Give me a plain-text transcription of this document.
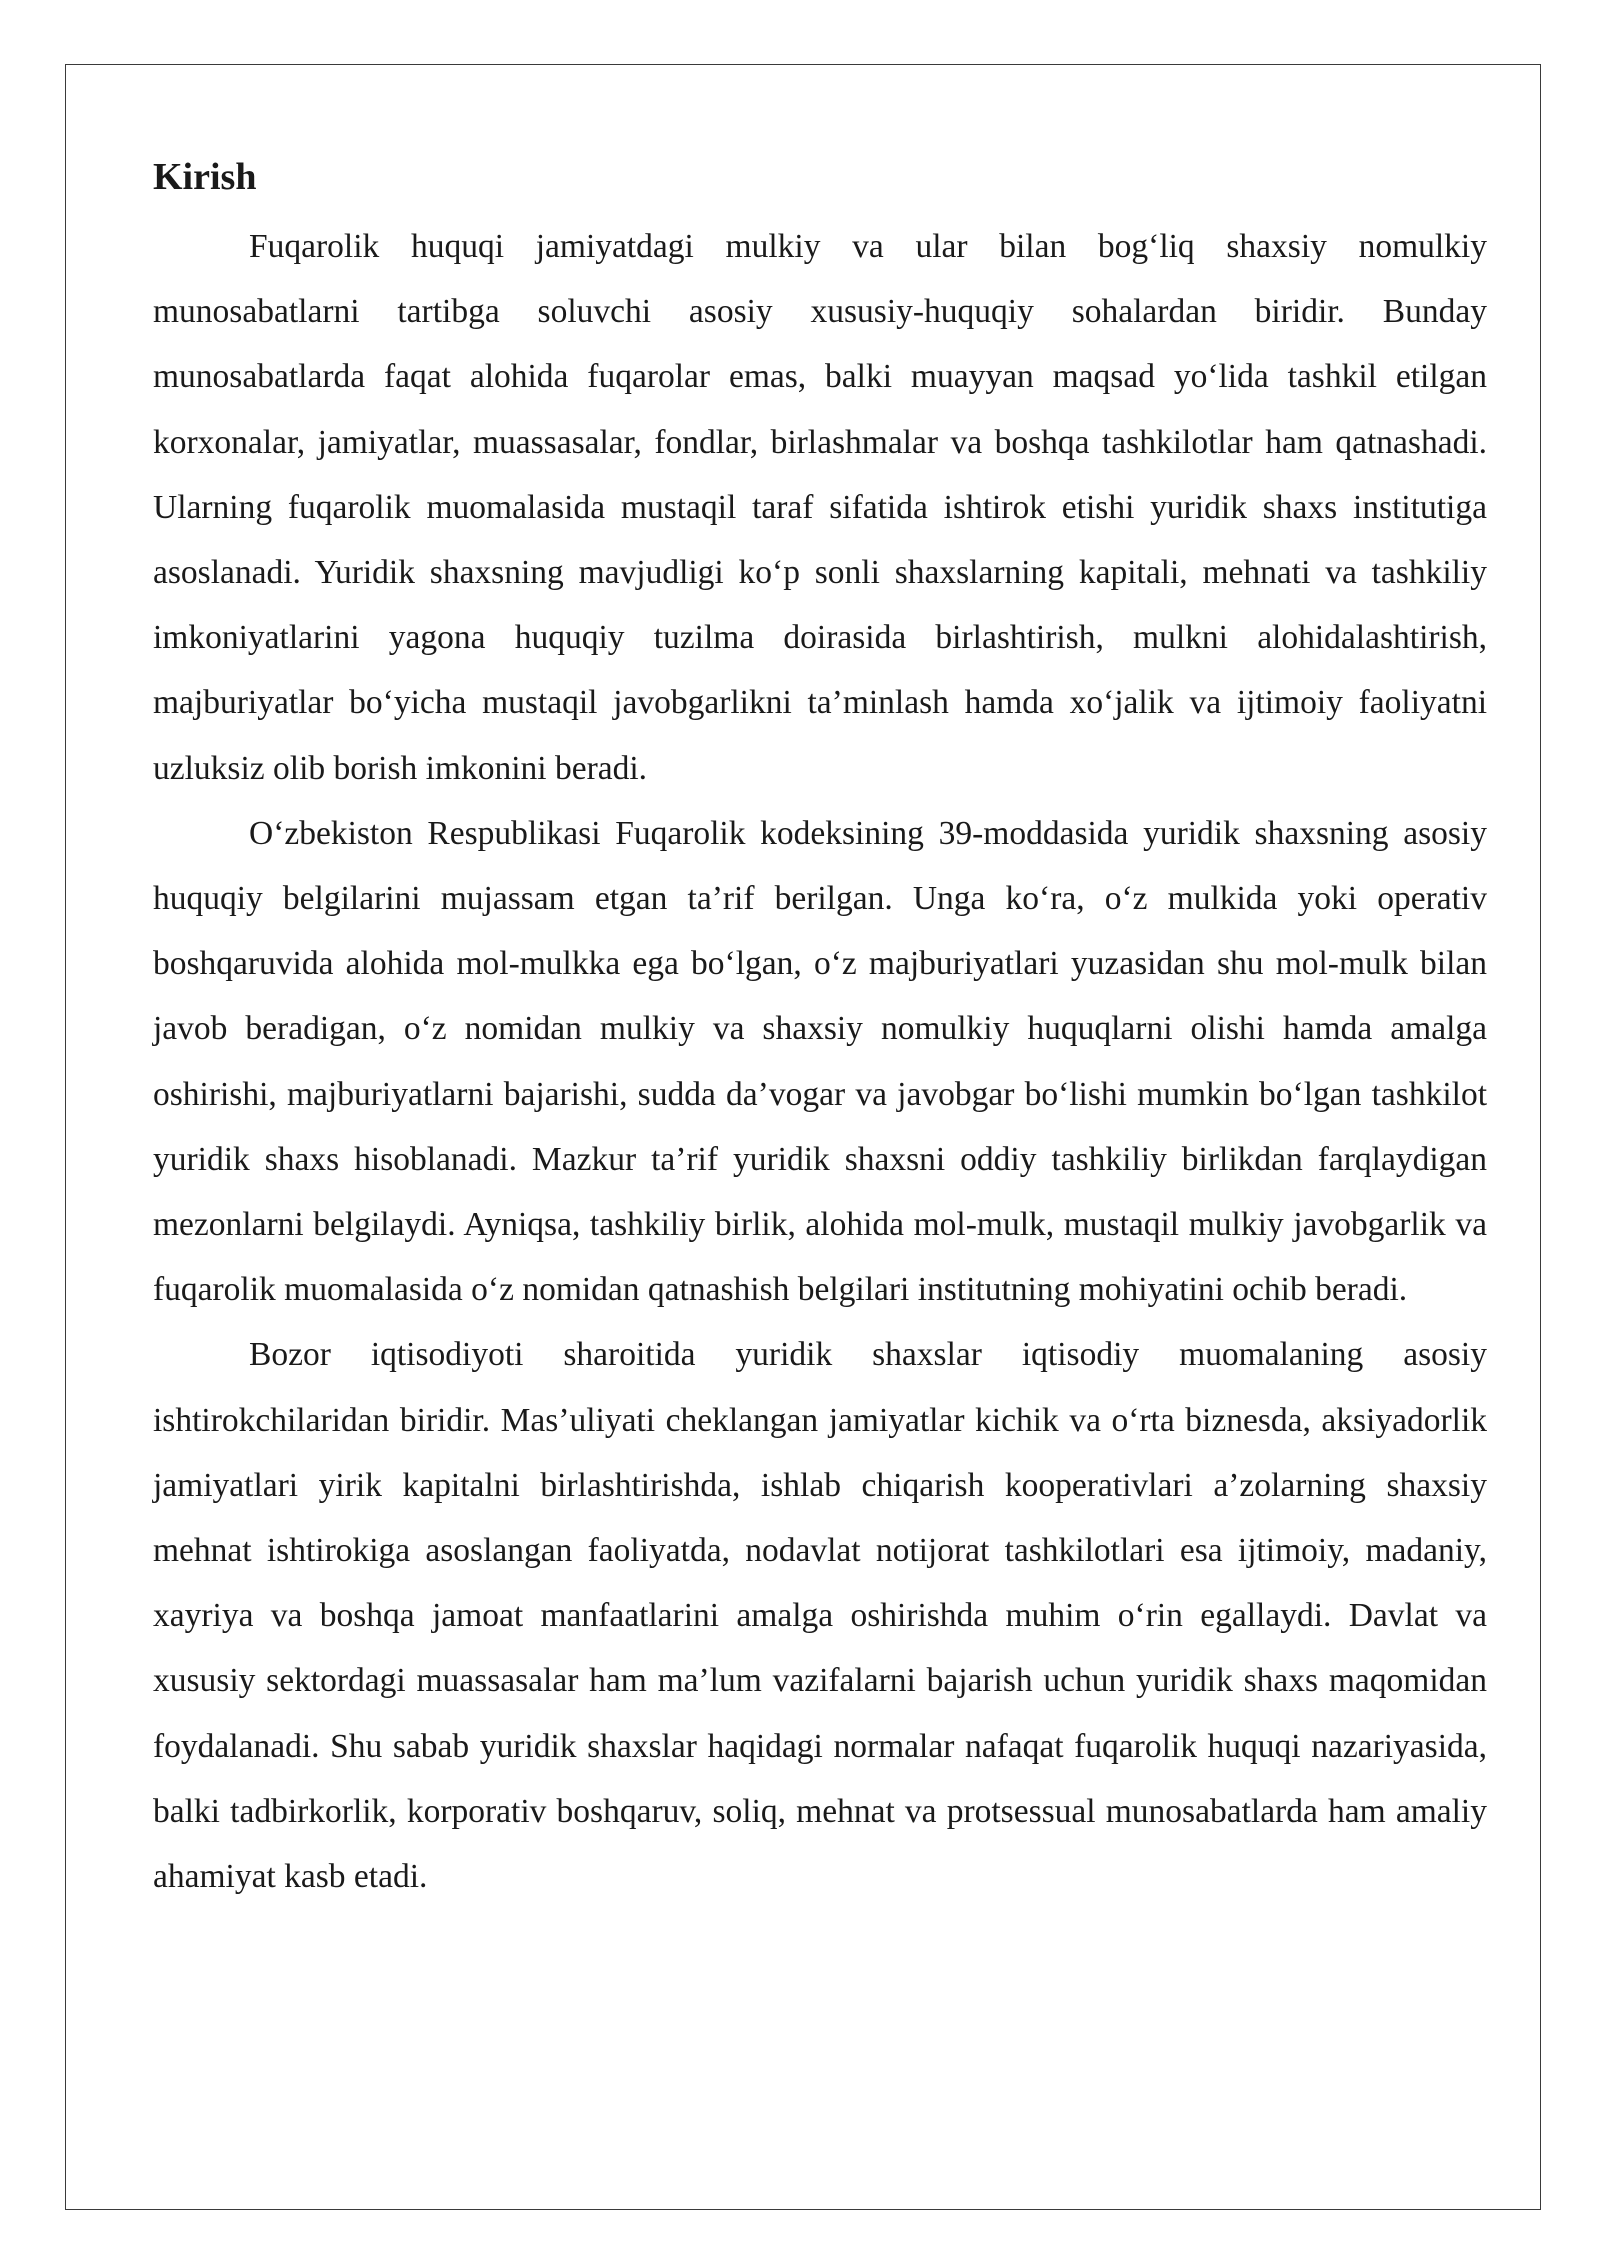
Kirish

Fuqarolik huquqi jamiyatdagi mulkiy va ular bilan bog‘liq shaxsiy nomulkiy munosabatlarni tartibga soluvchi asosiy xususiy-huquqiy sohalardan biridir. Bunday munosabatlarda faqat alohida fuqarolar emas, balki muayyan maqsad yo‘lida tashkil etilgan korxonalar, jamiyatlar, muassasalar, fondlar, birlashmalar va boshqa tashkilotlar ham qatnashadi. Ularning fuqarolik muomalasida mustaqil taraf sifatida ishtirok etishi yuridik shaxs institutiga asoslanadi. Yuridik shaxsning mavjudligi ko‘p sonli shaxslarning kapitali, mehnati va tashkiliy imkoniyatlarini yagona huquqiy tuzilma doirasida birlashtirish, mulkni alohidalashtirish, majburiyatlar bo‘yicha mustaqil javobgarlikni ta’minlash hamda xo‘jalik va ijtimoiy faoliyatni uzluksiz olib borish imkonini beradi.

O‘zbekiston Respublikasi Fuqarolik kodeksining 39-moddasida yuridik shaxsning asosiy huquqiy belgilarini mujassam etgan ta’rif berilgan. Unga ko‘ra, o‘z mulkida yoki operativ boshqaruvida alohida mol-mulkka ega bo‘lgan, o‘z majburiyatlari yuzasidan shu mol-mulk bilan javob beradigan, o‘z nomidan mulkiy va shaxsiy nomulkiy huquqlarni olishi hamda amalga oshirishi, majburiyatlarni bajarishi, sudda da’vogar va javobgar bo‘lishi mumkin bo‘lgan tashkilot yuridik shaxs hisoblanadi. Mazkur ta’rif yuridik shaxsni oddiy tashkiliy birlikdan farqlaydigan mezonlarni belgilaydi. Ayniqsa, tashkiliy birlik, alohida mol-mulk, mustaqil mulkiy javobgarlik va fuqarolik muomalasida o‘z nomidan qatnashish belgilari institutning mohiyatini ochib beradi.

Bozor iqtisodiyoti sharoitida yuridik shaxslar iqtisodiy muomalaning asosiy ishtirokchilaridan biridir. Mas’uliyati cheklangan jamiyatlar kichik va o‘rta biznesda, aksiyadorlik jamiyatlari yirik kapitalni birlashtirishda, ishlab chiqarish kooperativlari a’zolarning shaxsiy mehnat ishtirokiga asoslangan faoliyatda, nodavlat notijorat tashkilotlari esa ijtimoiy, madaniy, xayriya va boshqa jamoat manfaatlarini amalga oshirishda muhim o‘rin egallaydi. Davlat va xususiy sektordagi muassasalar ham ma’lum vazifalarni bajarish uchun yuridik shaxs maqomidan foydalanadi. Shu sabab yuridik shaxslar haqidagi normalar nafaqat fuqarolik huquqi nazariyasida, balki tadbirkorlik, korporativ boshqaruv, soliq, mehnat va protsessual munosabatlarda ham amaliy ahamiyat kasb etadi.
